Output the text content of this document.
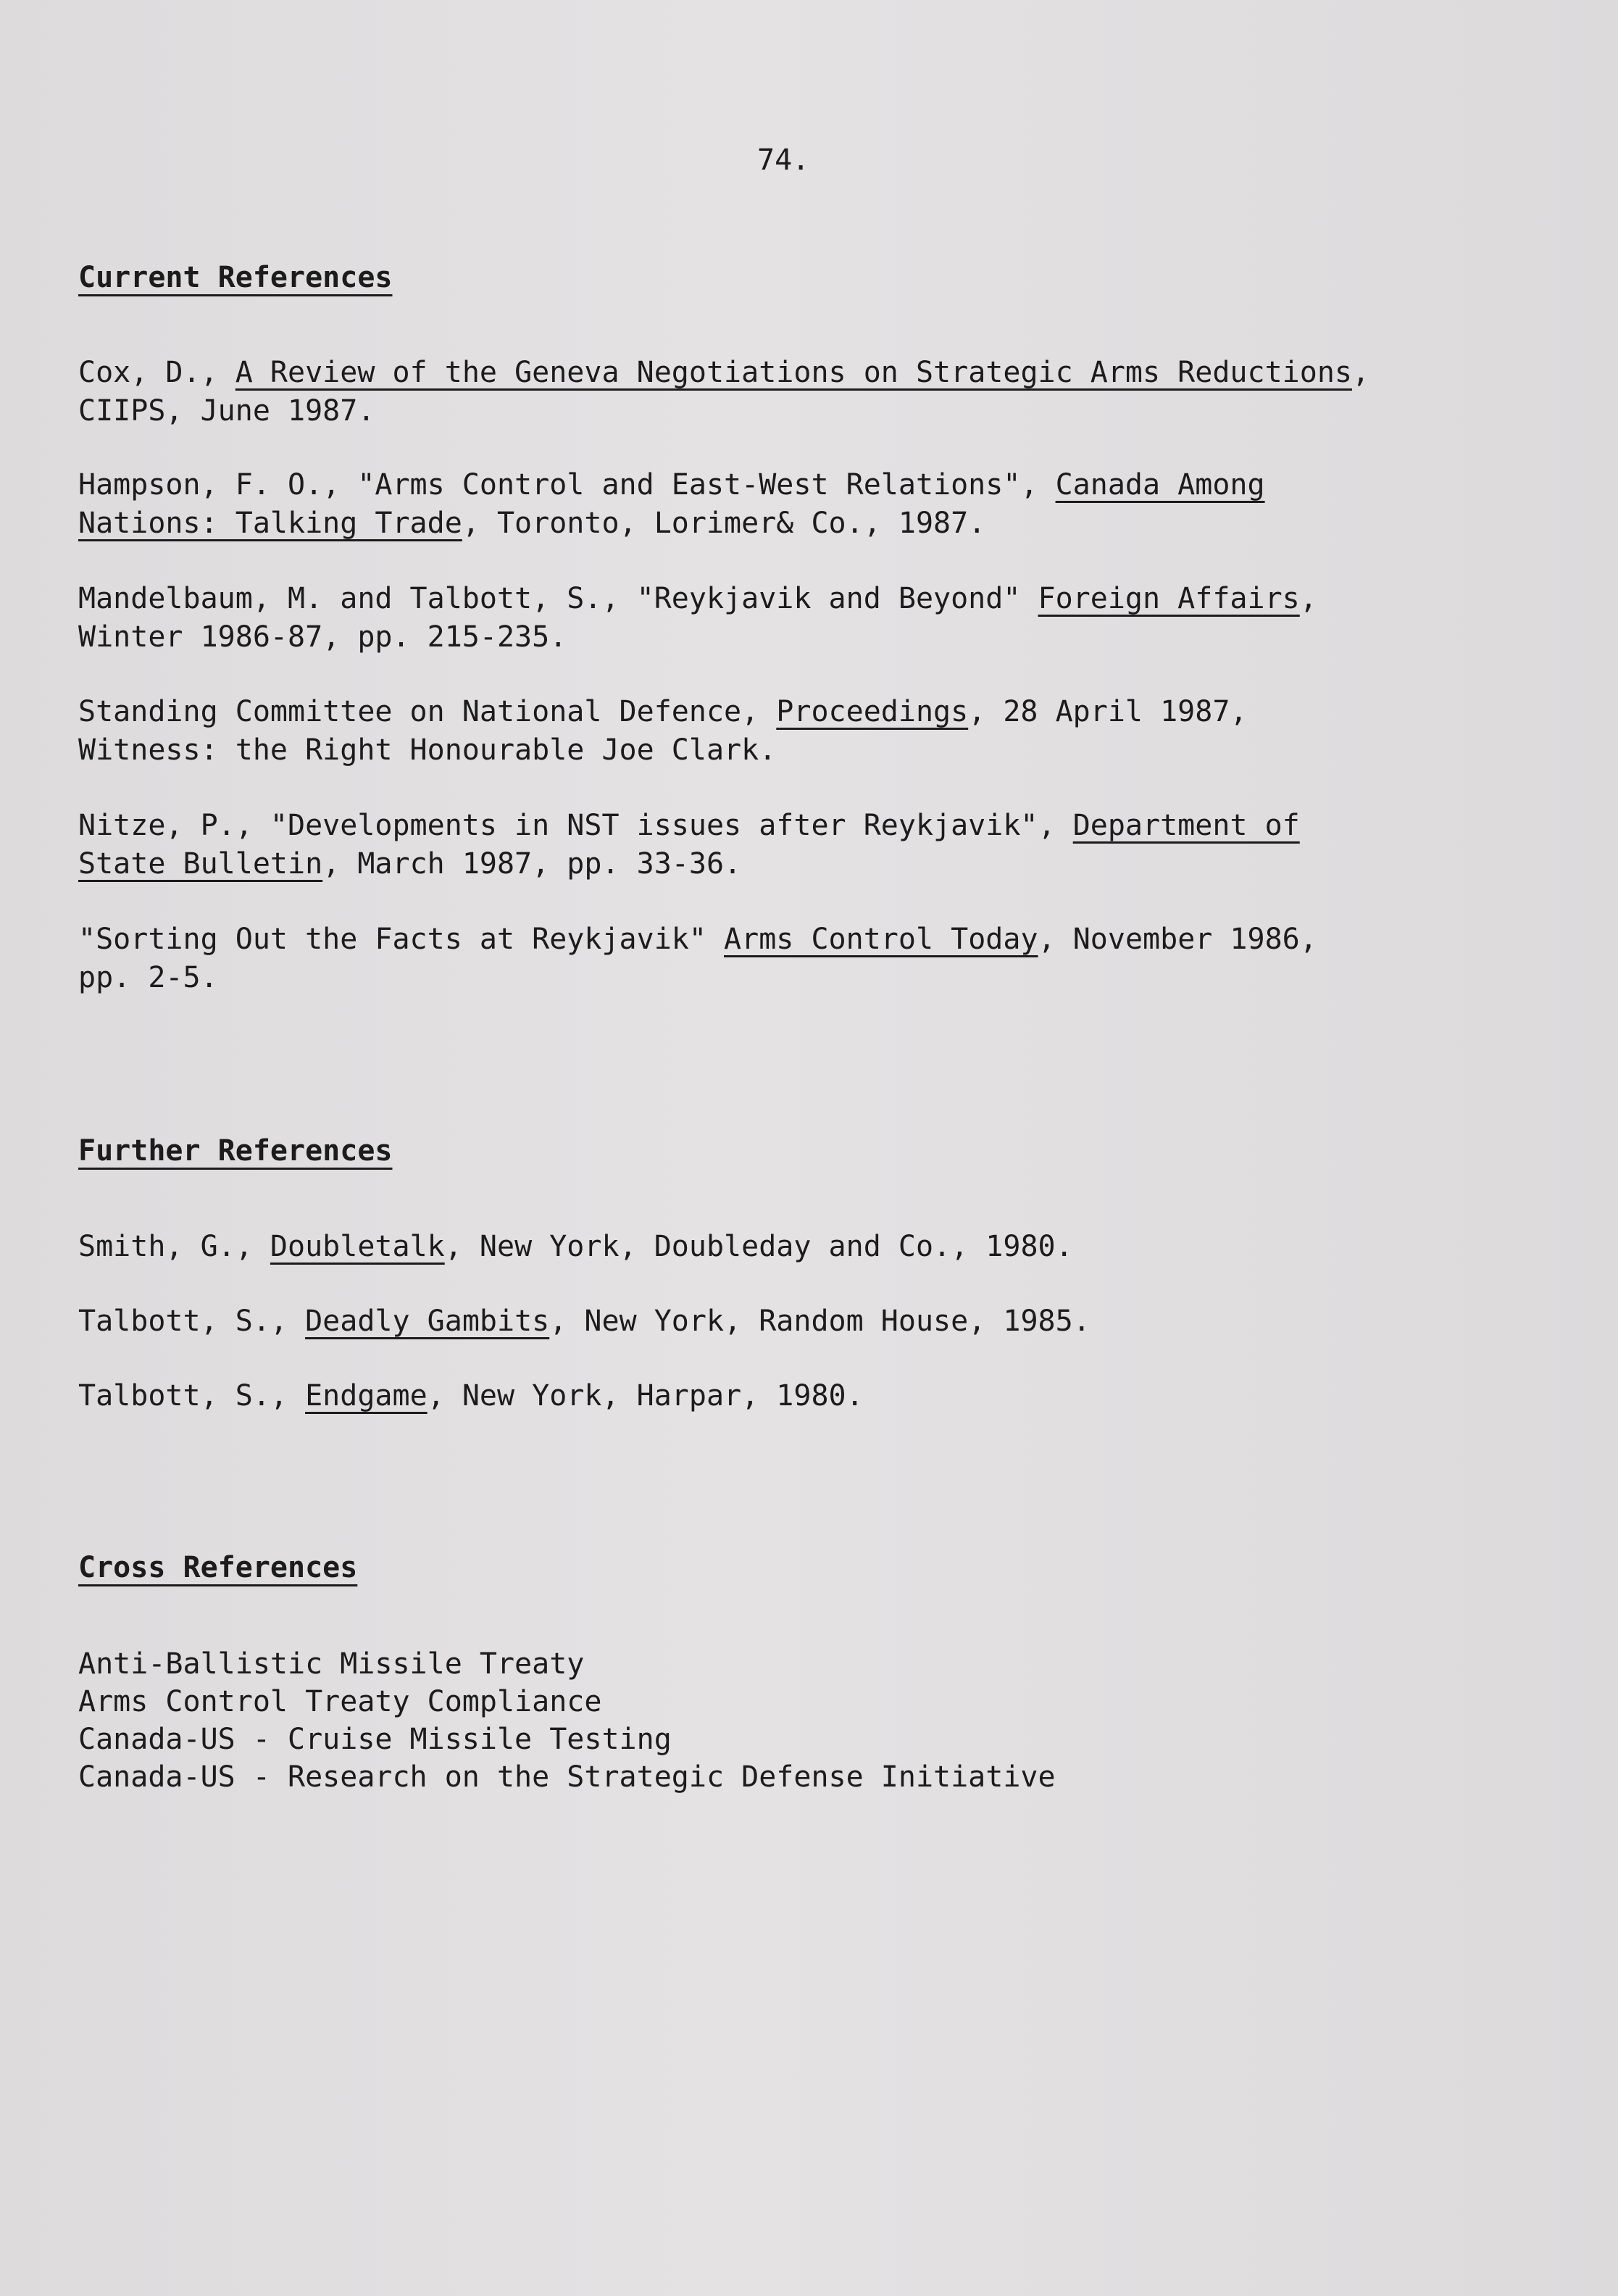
74.
Current References
Cox, D., A Review of the Geneva Negotiations on Strategic Arms Reductions,
CIIPS, June 1987.
Hampson, F. O., "Arms Control and East-West Relations", Canada Among
Nations: Talking Trade, Toronto, Lorimer& Co., 1987.
Mandelbaum, M. and Talbott, S., "Reykjavik and Beyond" Foreign Affairs,
Winter 1986-87, pp. 215-235.
Standing Committee on National Defence, Proceedings, 28 April 1987,
Witness: the Right Honourable Joe Clark.
Nitze, P., "Developments in NST issues after Reykjavik", Department of
State Bulletin, March 1987, pp. 33-36.
"Sorting Out the Facts at Reykjavik" Arms Control Today, November 1986,
pp. 2-5.
Further References
Smith, G., Doubletalk, New York, Doubleday and Co., 1980.
Talbott, S., Deadly Gambits, New York, Random House, 1985.
Talbott, S., Endgame, New York, Harpar, 1980.
Cross References
Anti-Ballistic Missile Treaty
Arms Control Treaty Compliance
Canada-US - Cruise Missile Testing
Canada-US - Research on the Strategic Defense Initiative
